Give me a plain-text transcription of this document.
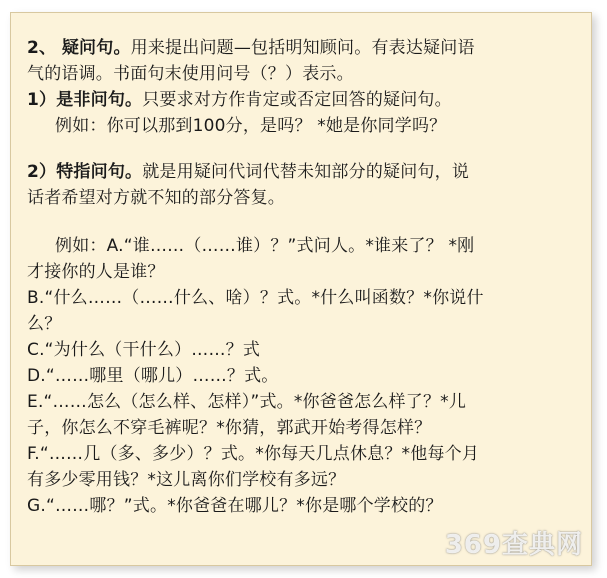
2、 疑问句。用来提出问题—包括明知顾问。有表达疑问语
气的语调。书面句末使用问号（？）表示。
1）是非问句。只要求对方作肯定或否定回答的疑问句。
例如：你可以那到100分，是吗？ *她是你同学吗？
2）特指问句。就是用疑问代词代替未知部分的疑问句，说
话者希望对方就不知的部分答复。
例如：A.“谁……（……谁）？”式问人。*谁来了？ *刚
才接你的人是谁？
B.“什么……（……什么、啥）？式。*什么叫函数？*你说什
么？
C.“为什么（干什么）……？式
D.“……哪里（哪儿）……？式。
E.“……怎么（怎么样、怎样）”式。*你爸爸怎么样了？*儿
子，你怎么不穿毛裤呢？*你猜，郭武开始考得怎样？
F.“……几（多、多少）？式。*你每天几点休息？*他每个月
有多少零用钱？*这儿离你们学校有多远？
G.“……哪？”式。*你爸爸在哪儿？*你是哪个学校的？
369查典网
